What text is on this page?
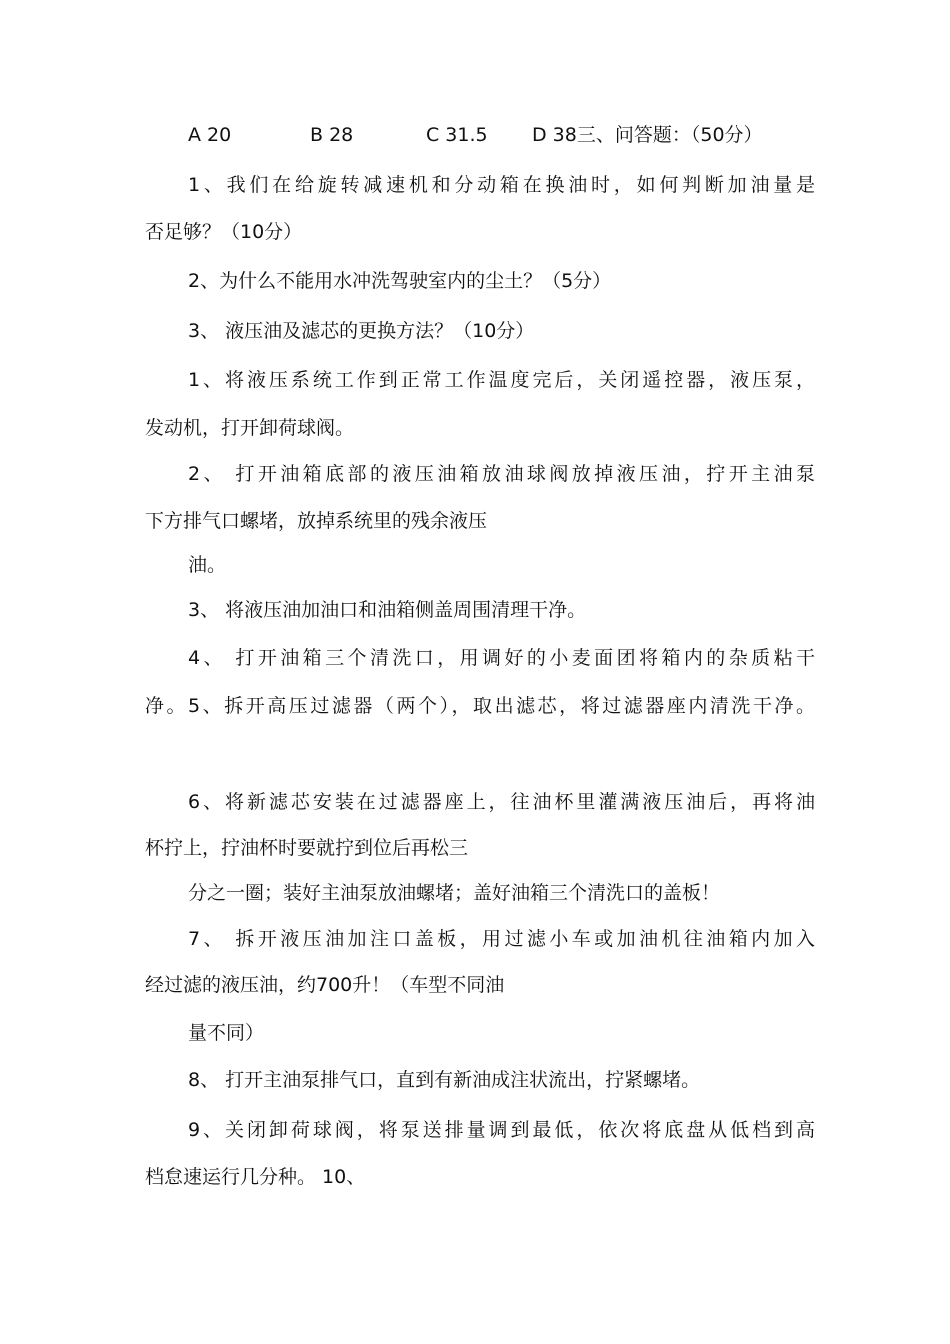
A 20	B 28	C 31.5 D 38三、问答题：（50分）
1、我们在给旋转减速机和分动箱在换油时，如何判断加油量是
否足够？（10分）
2、为什么不能用水冲洗驾驶室内的尘土？（5分）
3、 液压油及滤芯的更换方法？（10分）
1、将液压系统工作到正常工作温度完后，关闭遥控器，液压泵，
发动机，打开卸荷球阀。
2、 打开油箱底部的液压油箱放油球阀放掉液压油，拧开主油泵
下方排气口螺堵，放掉系统里的残余液压
油。
3、 将液压油加油口和油箱侧盖周围清理干净。
4、 打开油箱三个清洗口，用调好的小麦面团将箱内的杂质粘干
净。5、拆开高压过滤器（两个），取出滤芯，将过滤器座内清洗干净。
6、将新滤芯安装在过滤器座上，往油杯里灌满液压油后，再将油
杯拧上，拧油杯时要就拧到位后再松三
分之一圈；装好主油泵放油螺堵；盖好油箱三个清洗口的盖板！
7、 拆开液压油加注口盖板，用过滤小车或加油机往油箱内加入
经过滤的液压油，约700升！（车型不同油
量不同）
8、 打开主油泵排气口，直到有新油成注状流出，拧紧螺堵。
9、关闭卸荷球阀，将泵送排量调到最低，依次将底盘从低档到高
档怠速运行几分种。 10、
